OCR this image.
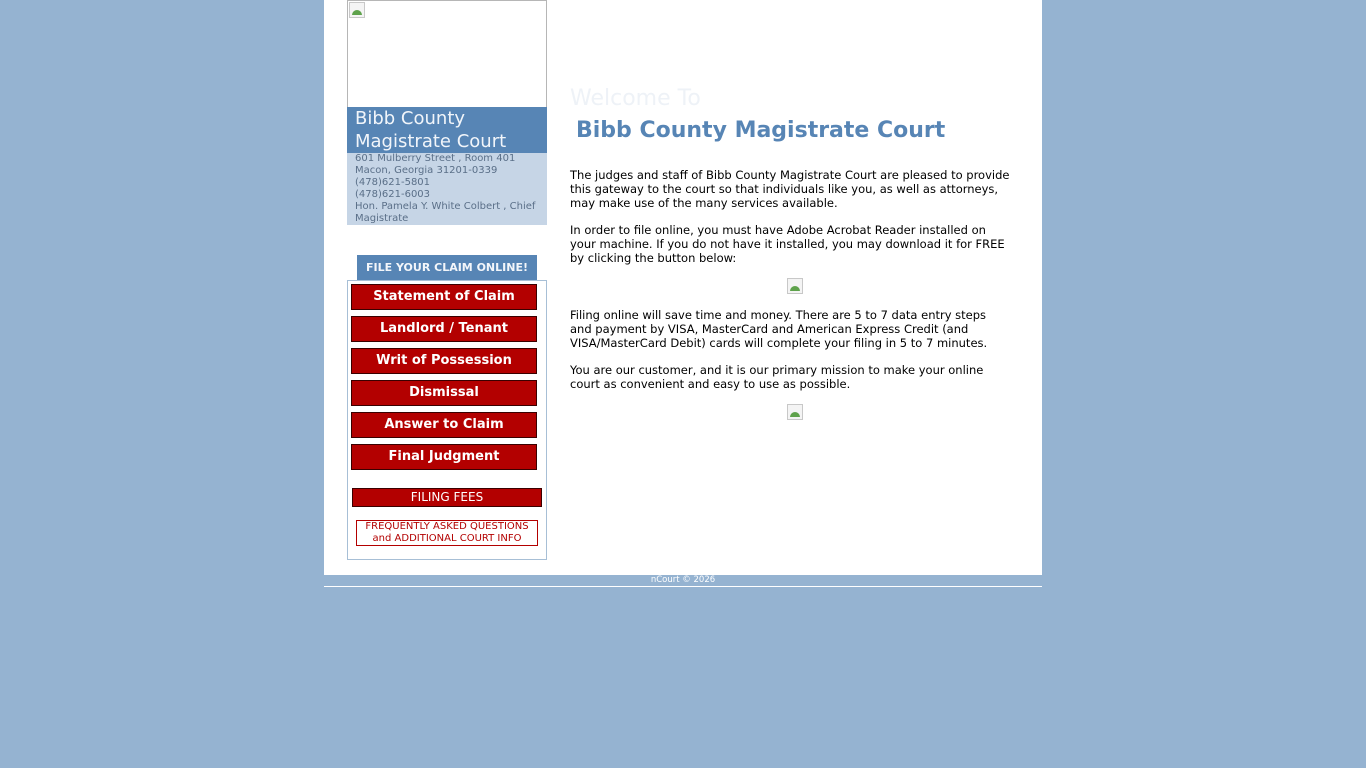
Bibb County
Magistrate Court
601 Mulberry Street , Room 401
Macon, Georgia 31201-0339
(478)621-5801
(478)621-6003
Hon. Pamela Y. White Colbert , Chief
Magistrate
FILE YOUR CLAIM ONLINE!
Statement of Claim
Landlord / Tenant
Writ of Possession
Dismissal
Answer to Claim
Final Judgment
FILING FEES
FREQUENTLY ASKED QUESTIONS
and ADDITIONAL COURT INFO
Welcome To
Bibb County Magistrate Court

The judges and staff of Bibb County Magistrate Court are pleased to provide this gateway to the court so that individuals like you, as well as attorneys, may make use of the many services available.

In order to file online, you must have Adobe Acrobat Reader installed on your machine. If you do not have it installed, you may download it for FREE by clicking the button below:

Filing online will save time and money. There are 5 to 7 data entry steps and payment by VISA, MasterCard and American Express Credit (and VISA/MasterCard Debit) cards will complete your filing in 5 to 7 minutes.

You are our customer, and it is our primary mission to make your online court as convenient and easy to use as possible.

nCourt © 2026
